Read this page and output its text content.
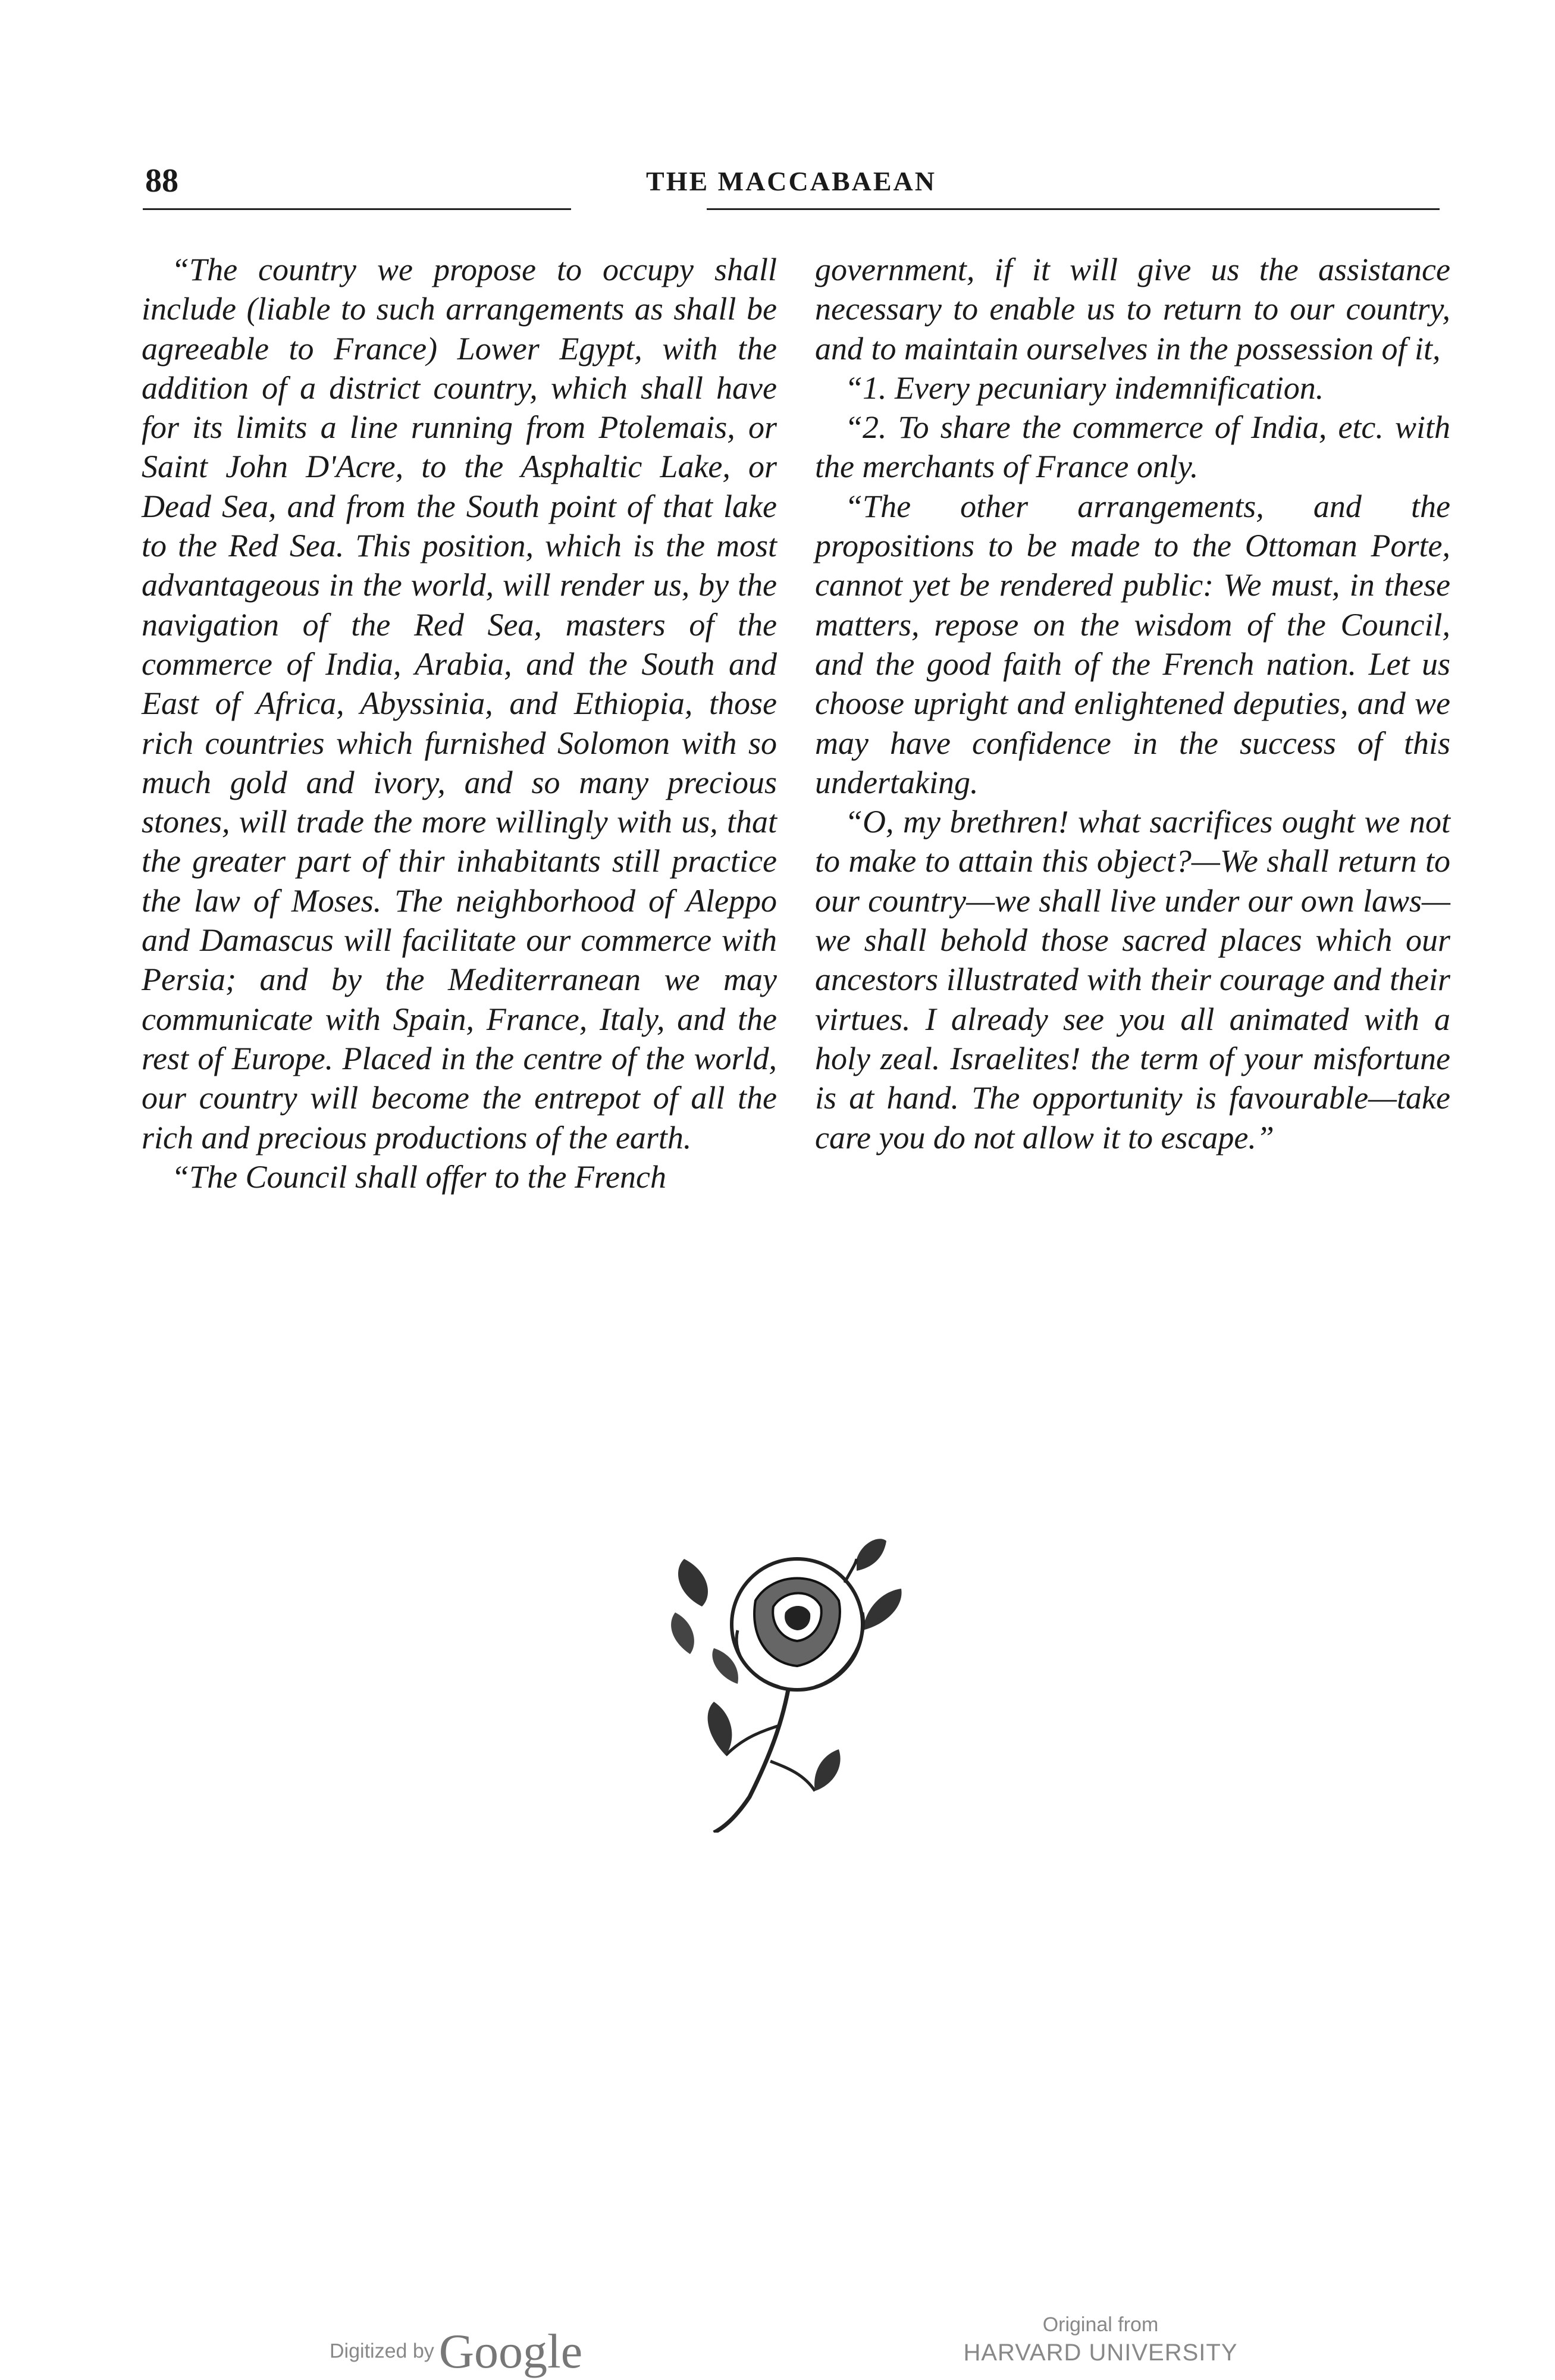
88	THE MACCABAEAN

“The country we propose to occupy shall include (liable to such arrangements as shall be agreeable to France) Lower Egypt, with the addition of a district country, which shall have for its limits a line running from Ptolemais, or Saint John D'Acre, to the Asphaltic Lake, or Dead Sea, and from the South point of that lake to the Red Sea. This position, which is the most advantageous in the world, will render us, by the navigation of the Red Sea, masters of the commerce of India, Arabia, and the South and East of Africa, Abyssinia, and Ethiopia, those rich countries which furnished Solomon with so much gold and ivory, and so many precious stones, will trade the more willingly with us, that the greater part of thir inhabitants still practice the law of Moses. The neighborhood of Aleppo and Damascus will facilitate our commerce with Persia; and by the Mediterranean we may communicate with Spain, France, Italy, and the rest of Europe. Placed in the centre of the world, our country will become the entrepot of all the rich and precious productions of the earth.

“The Council shall offer to the French

government, if it will give us the assistance necessary to enable us to return to our country, and to maintain ourselves in the possession of it,

“1. Every pecuniary indemnification.

“2. To share the commerce of India, etc. with the merchants of France only.

“The other arrangements, and the propositions to be made to the Ottoman Porte, cannot yet be rendered public: We must, in these matters, repose on the wisdom of the Council, and the good faith of the French nation. Let us choose upright and enlightened deputies, and we may have confidence in the success of this undertaking.

“O, my brethren! what sacrifices ought we not to make to attain this object?—We shall return to our country—we shall live under our own laws—we shall behold those sacred places which our ancestors illustrated with their courage and their virtues. I already see you all animated with a holy zeal. Israelites! the term of your misfortune is at hand. The opportunity is favourable—take care you do not allow it to escape.”

Digitized byGoogle	Original from
HARVARD UNIVERSITY
